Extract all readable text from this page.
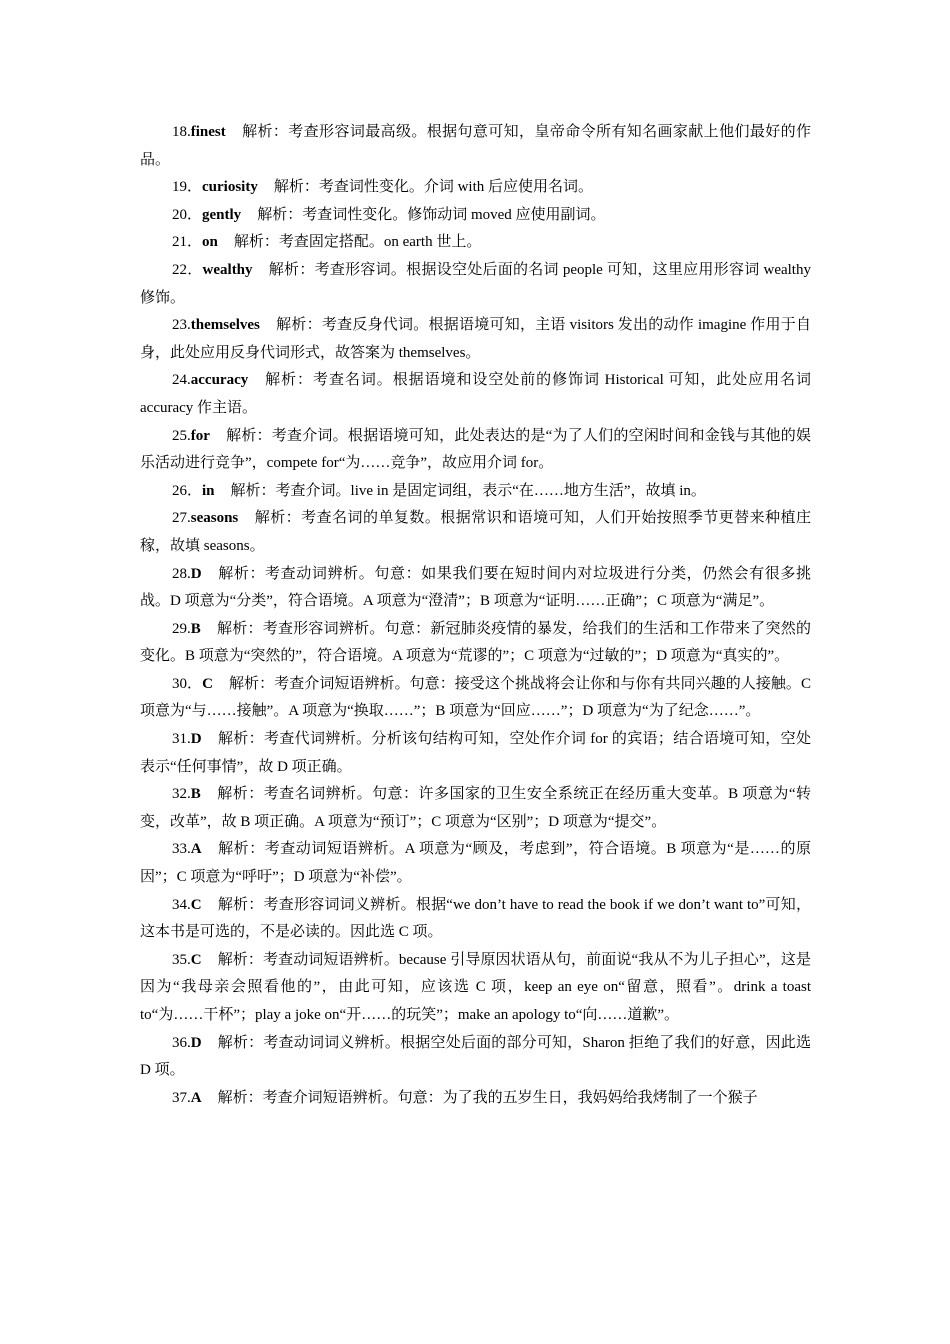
18.finest 解析：考查形容词最高级。根据句意可知，皇帝命令所有知名画家献上他们最好的作品。

19．curiosity 解析：考查词性变化。介词 with 后应使用名词。

20．gently 解析：考查词性变化。修饰动词 moved 应使用副词。

21．on 解析：考查固定搭配。on earth 世上。

22．wealthy 解析：考查形容词。根据设空处后面的名词 people 可知，这里应用形容词 wealthy 修饰。

23.themselves 解析：考查反身代词。根据语境可知，主语 visitors 发出的动作 imagine 作用于自身，此处应用反身代词形式，故答案为 themselves。

24.accuracy 解析：考查名词。根据语境和设空处前的修饰词 Historical 可知，此处应用名词 accuracy 作主语。

25.for 解析：考查介词。根据语境可知，此处表达的是“为了人们的空闲时间和金钱与其他的娱乐活动进行竞争”，compete for“为……竞争”，故应用介词 for。

26．in 解析：考查介词。live in 是固定词组，表示“在……地方生活”，故填 in。

27.seasons 解析：考查名词的单复数。根据常识和语境可知，人们开始按照季节更替来种植庄稼，故填 seasons。

28.D 解析：考查动词辨析。句意：如果我们要在短时间内对垃圾进行分类，仍然会有很多挑战。D 项意为“分类”，符合语境。A 项意为“澄清”；B 项意为“证明……正确”；C 项意为“满足”。

29.B 解析：考查形容词辨析。句意：新冠肺炎疫情的暴发，给我们的生活和工作带来了突然的变化。B 项意为“突然的”，符合语境。A 项意为“荒谬的”；C 项意为“过敏的”；D 项意为“真实的”。

30．C 解析：考查介词短语辨析。句意：接受这个挑战将会让你和与你有共同兴趣的人接触。C 项意为“与……接触”。A 项意为“换取……”；B 项意为“回应……”；D 项意为“为了纪念……”。

31.D 解析：考查代词辨析。分析该句结构可知，空处作介词 for 的宾语；结合语境可知，空处表示“任何事情”，故 D 项正确。

32.B 解析：考查名词辨析。句意：许多国家的卫生安全系统正在经历重大变革。B 项意为“转变，改革”，故 B 项正确。A 项意为“预订”；C 项意为“区别”；D 项意为“提交”。

33.A 解析：考查动词短语辨析。A 项意为“顾及，考虑到”，符合语境。B 项意为“是……的原因”；C 项意为“呼吁”；D 项意为“补偿”。

34.C 解析：考查形容词词义辨析。根据“we don’t have to read the book if we don’t want to”可知，这本书是可选的，不是必读的。因此选 C 项。

35.C 解析：考查动词短语辨析。because 引导原因状语从句，前面说“我从不为儿子担心”，这是因为“我母亲会照看他的”，由此可知，应该选 C 项，keep an eye on“留意，照看”。drink a toast to“为……干杯”；play a joke on“开……的玩笑”；make an apology to“向……道歉”。

36.D 解析：考查动词词义辨析。根据空处后面的部分可知，Sharon 拒绝了我们的好意，因此选 D 项。

37.A 解析：考查介词短语辨析。句意：为了我的五岁生日，我妈妈给我烤制了一个猴子
